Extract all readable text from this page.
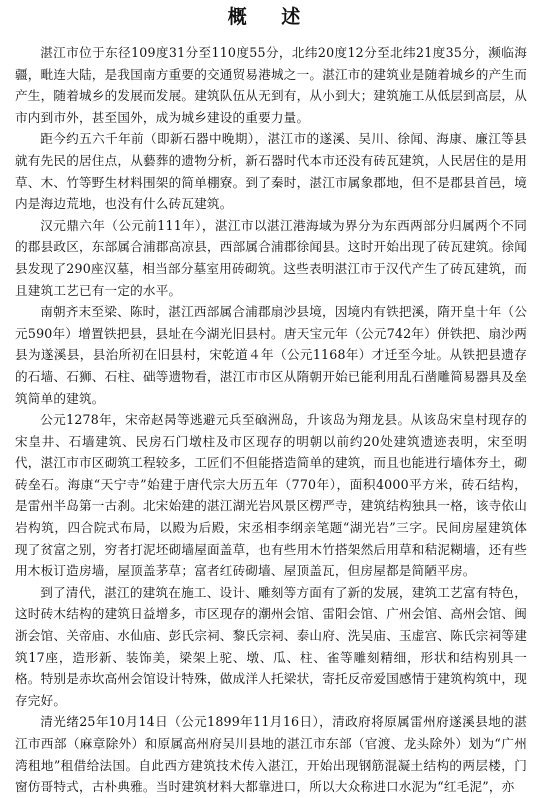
概 述

湛江市位于东径109度31分至110度55分，北纬20度12分至北纬21度35分，濒临海疆，毗连大陆，是我国南方重要的交通贸易港城之一。湛江市的建筑业是随着城乡的产生而产生，随着城乡的发展而发展。建筑队伍从无到有，从小到大；建筑施工从低层到高层，从市内到市外，甚至国外，成为城乡建设的重要力量。

距今约五六千年前（即新石器中晚期），湛江市的遂溪、吴川、徐闻、海康、廉江等县就有先民的居住点，从藝葬的遗物分析，新石器时代本市还没有砖瓦建筑，人民居住的是用草、木、竹等野生材料围架的简单棚寮。到了秦时，湛江市属象郡地，但不是郡县首邑，境内是海边荒地，也没有什么砖瓦建筑。

汉元鼎六年（公元前111年），湛江市以湛江港海域为界分为东西两部分归属两个不同的郡县政区，东部属合浦郡高凉县，西部属合浦郡徐闻县。这时开始出现了砖瓦建筑。徐闻县发现了290座汉墓，相当部分墓室用砖砌筑。这些表明湛江市于汉代产生了砖瓦建筑，而且建筑工艺已有一定的水平。

南朝齐末至梁、陈时，湛江西部属合浦郡扇沙县境，因境内有铁把溪，隋开皇十年（公元590年）增置铁把县，县址在今湖光旧县村。唐天宝元年（公元742年）併铁把、扇沙两县为遂溪县，县治所初在旧县村，宋乾道４年（公元1168年）才迁至今址。从铁把县遗存的石墙、石狮、石柱、础等遗物看，湛江市市区从隋朝开始已能利用乱石凿雕简易器具及垒筑简单的建筑。

公元1278年，宋帝赵昺等逃避元兵至硇洲岛，升该岛为翔龙县。从该岛宋皇村现存的宋皇井、石墙建筑、民房石门墩柱及市区现存的明朝以前约20处建筑遗迹表明，宋至明代，湛江市市区砌筑工程较多，工匠们不但能搭造简单的建筑，而且也能进行墙体夯土，砌砖垒石。海康“天宁寺”始建于唐代宗大历五年（770年），面积4000平方米，砖石结构，是雷州半岛第一古刹。北宋始建的湛江湖光岩风景区楞严寺，建筑结构独具一格，该寺依山岩构筑，四合院式布局，以殿为后殿，宋丞相李纲亲笔题“湖光岩”三字。民间房屋建筑体现了贫富之别，穷者打泥坯砌墙屋面盖草，也有些用木竹搭架然后用草和秸泥糊墙，还有些用木板订造房墙，屋顶盖茅草；富者红砖砌墙、屋顶盖瓦，但房屋都是简陋平房。

到了清代，湛江的建筑在施工、设计、雕刻等方面有了新的发展，建筑工艺富有特色，这时砖木结构的建筑日益增多，市区现存的潮州会馆、雷阳会馆、广州会馆、高州会馆、闽浙会馆、关帝庙、水仙庙、彭氏宗祠、黎氏宗祠、泰山府、洗吴庙、玉虚宫、陈氏宗祠等建筑17座，造形新、装饰美，梁架上驼、墩、瓜、柱、雀等雕刻精细，形状和结构别具一格。特别是赤坎高州会馆设计特殊，做成洋人托梁状，寄托反帝爱国感情于建筑构筑中，现存完好。

清光绪25年10月14日（公元1899年11月16日），清政府将原属雷州府遂溪县地的湛江市西部（麻章除外）和原属高州府吴川县地的湛江市东部（官渡、龙头除外）划为“广州湾租地”租借给法国。自此西方建筑技术传入湛江，开始出现钢筋混凝土结构的两层楼，门窗仿哥特式，古朴典雅。当时建筑材料大都靠进口，所以大众称进口水泥为“红毛泥”，亦
